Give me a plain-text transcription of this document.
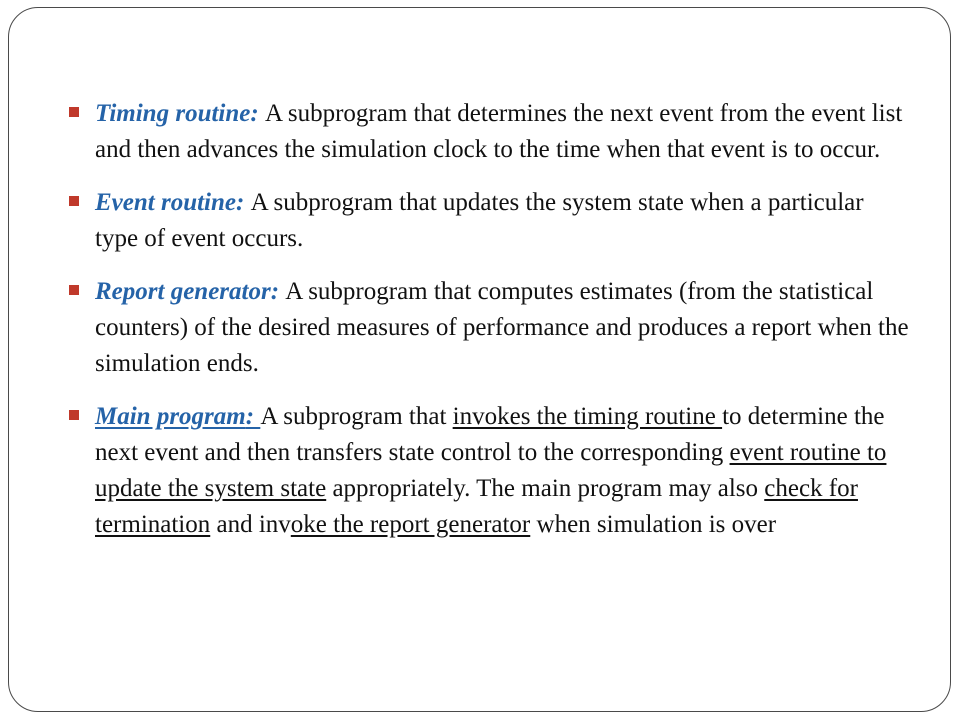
Timing routine: A subprogram that determines the next event from the event list and then advances the simulation clock to the time when that event is to occur.
Event routine: A subprogram that updates the system state when a particular type of event occurs.
Report generator: A subprogram that computes estimates (from the statistical counters) of the desired measures of performance and produces a report when the simulation ends.
Main program: A subprogram that invokes the timing routine to determine the next event and then transfers state control to the corresponding event routine to update the system state appropriately. The main program may also check for termination and invoke the report generator when simulation is over
